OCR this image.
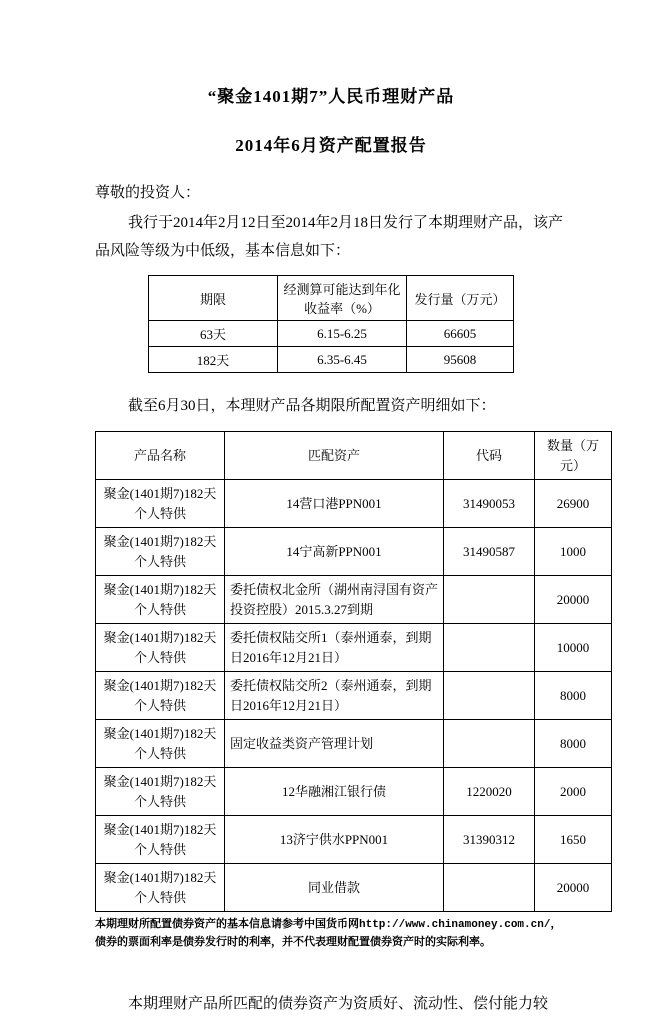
“聚金1401期7”人民币理财产品
2014年6月资产配置报告

尊敬的投资人：

我行于2014年2月12日至2014年2月18日发行了本期理财产品，该产品风险等级为中低级，基本信息如下：

期限	经测算可能达到年化收益率（%）	发行量（万元）
63天	6.15-6.25	66605
182天	6.35-6.45	95608

截至6月30日，本理财产品各期限所配置资产明细如下：

产品名称	匹配资产	代码	数量（万元）
聚金(1401期7)182天个人特供	14营口港PPN001	31490053	26900
聚金(1401期7)182天个人特供	14宁高新PPN001	31490587	1000
聚金(1401期7)182天个人特供	委托债权北金所（湖州南浔国有资产投资控股）2015.3.27到期		20000
聚金(1401期7)182天个人特供	委托债权陆交所1（泰州通泰，到期日2016年12月21日）		10000
聚金(1401期7)182天个人特供	委托债权陆交所2（泰州通泰，到期日2016年12月21日）		8000
聚金(1401期7)182天个人特供	固定收益类资产管理计划		8000
聚金(1401期7)182天个人特供	12华融湘江银行债	1220020	2000
聚金(1401期7)182天个人特供	13济宁供水PPN001	31390312	1650
聚金(1401期7)182天个人特供	同业借款		20000

本期理财所配置债券资产的基本信息请参考中国货币网http://www.chinamoney.com.cn/，债券的票面利率是债券发行时的利率，并不代表理财配置债券资产时的实际利率。

本期理财产品所匹配的债券资产为资质好、流动性、偿付能力较
